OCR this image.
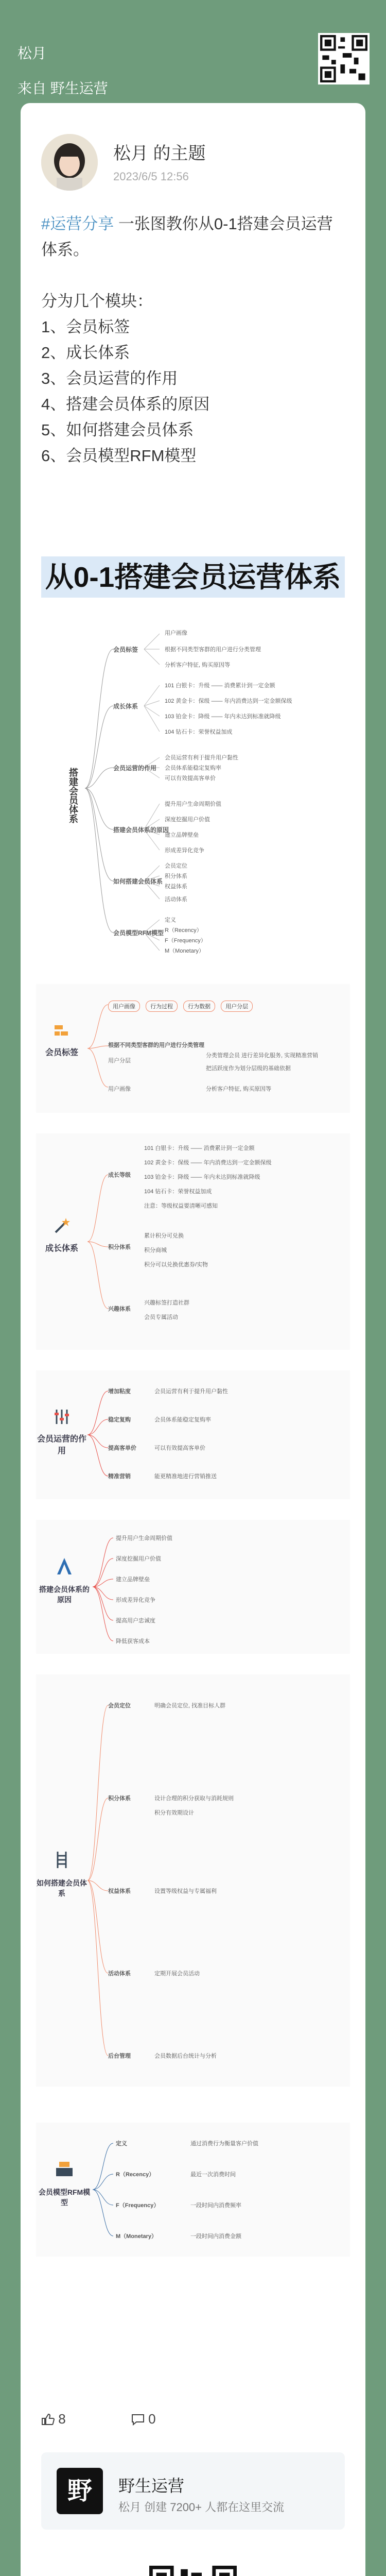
松月
来自 野生运营
松月 的主题
2023/6/5 12:56
#运营分享 一张图教你从0-1搭建会员运营体系。
分为几个模块：
1、会员标签
2、成长体系
3、会员运营的作用
4、搭建会员体系的原因
5、如何搭建会员体系
6、会员模型RFM模型
从0-1搭建会员运营体系
搭建会员体系
会员标签
成长体系
会员运营的作用
搭建会员体系的原因
如何搭建会员体系
会员模型RFM模型
用户画像
根据不同类型客群的用户进行分类管理
分析客户特征, 购买原因等
101 白银卡：升级 —— 消费累计到一定金额
102 黄金卡：保级 —— 年内消费达到一定金额保级
103 铂金卡：降级 —— 年内未达到标准就降级
104 钻石卡：荣誉权益加成
会员运营有利于提升用户黏性
会员体系能稳定复购率
可以有效提高客单价
提升用户生命周期价值
深度挖掘用户价值
建立品牌壁垒
形成差异化竞争
会员定位
积分体系
权益体系
活动体系
定义
R（Recency）
F（Frequency）
M（Monetary）
会员标签
用户画像	行为过程	行为数据	用户分层
根据不同类型客群的用户进行分类管理
用户分层
用户画像
分类管理会员 进行差异化服务, 实现精准营销
把活跃度作为划分层级的基础依据
分析客户特征, 购买原因等
成长体系
成长等级
积分体系
兴趣体系
101 白银卡：升级 —— 消费累计到一定金额
102 黄金卡：保级 —— 年内消费达到一定金额保级
103 铂金卡：降级 —— 年内未达到标准就降级
104 钻石卡：荣誉权益加成
注意：等级权益要清晰可感知
累计积分可兑换
积分商城
积分可以兑换优惠券/实物
兴趣标签打造社群
会员专属活动
会员运营的作用
增加粘度
稳定复购
提高客单价
精准营销
会员运营有利于提升用户黏性
会员体系能稳定复购率
可以有效提高客单价
能更精准地进行营销推送
搭建会员体系的原因
提升用户生命周期价值
深度挖掘用户价值
建立品牌壁垒
形成差异化竞争
提高用户忠诚度
降低获客成本
如何搭建会员体系
会员定位
积分体系
权益体系
活动体系
后台管理
明确会员定位, 找准目标人群
设计合理的积分获取与消耗规则
积分有效期设计
设置等级权益与专属福利
定期开展会员活动
会员数据后台统计与分析
会员模型RFM模型
定义
R（Recency）
F（Frequency）
M（Monetary）
通过消费行为衡量客户价值
最近一次消费时间
一段时间内消费频率
一段时间内消费金额
8	0
野	野生运营
松月 创建 7200+ 人都在这里交流
